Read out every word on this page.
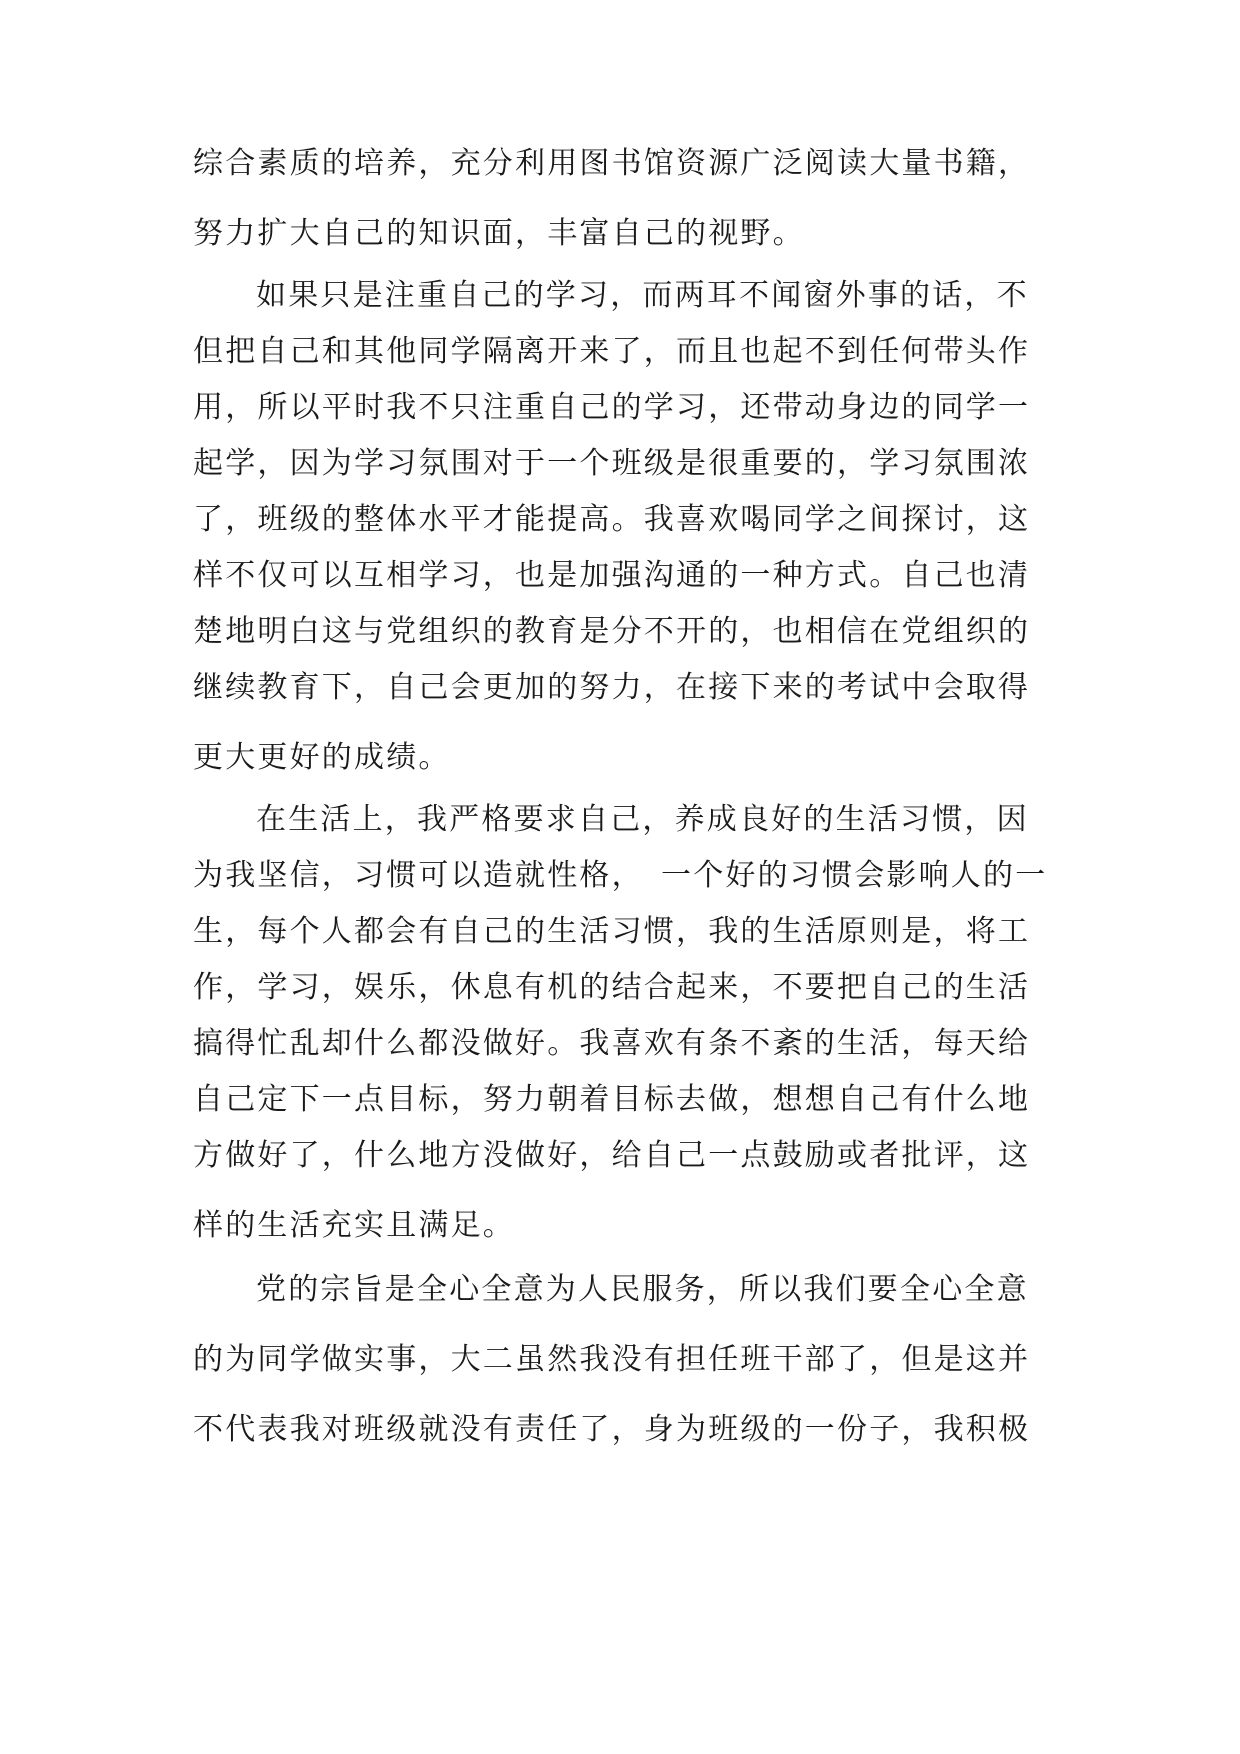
综合素质的培养，充分利用图书馆资源广泛阅读大量书籍，

努力扩大自己的知识面，丰富自己的视野。

如果只是注重自己的学习，而两耳不闻窗外事的话，不

但把自己和其他同学隔离开来了，而且也起不到任何带头作

用，所以平时我不只注重自己的学习，还带动身边的同学一

起学，因为学习氛围对于一个班级是很重要的，学习氛围浓

了，班级的整体水平才能提高。我喜欢喝同学之间探讨，这

样不仅可以互相学习，也是加强沟通的一种方式。自己也清

楚地明白这与党组织的教育是分不开的，也相信在党组织的

继续教育下，自己会更加的努力，在接下来的考试中会取得

更大更好的成绩。

在生活上，我严格要求自己，养成良好的生活习惯，因

为我坚信，习惯可以造就性格，　一个好的习惯会影响人的一

生，每个人都会有自己的生活习惯，我的生活原则是，将工

作，学习，娱乐，休息有机的结合起来，不要把自己的生活

搞得忙乱却什么都没做好。我喜欢有条不紊的生活，每天给

自己定下一点目标，努力朝着目标去做，想想自己有什么地

方做好了，什么地方没做好，给自己一点鼓励或者批评，这

样的生活充实且满足。

党的宗旨是全心全意为人民服务，所以我们要全心全意

的为同学做实事，大二虽然我没有担任班干部了，但是这并

不代表我对班级就没有责任了，身为班级的一份子，我积极
